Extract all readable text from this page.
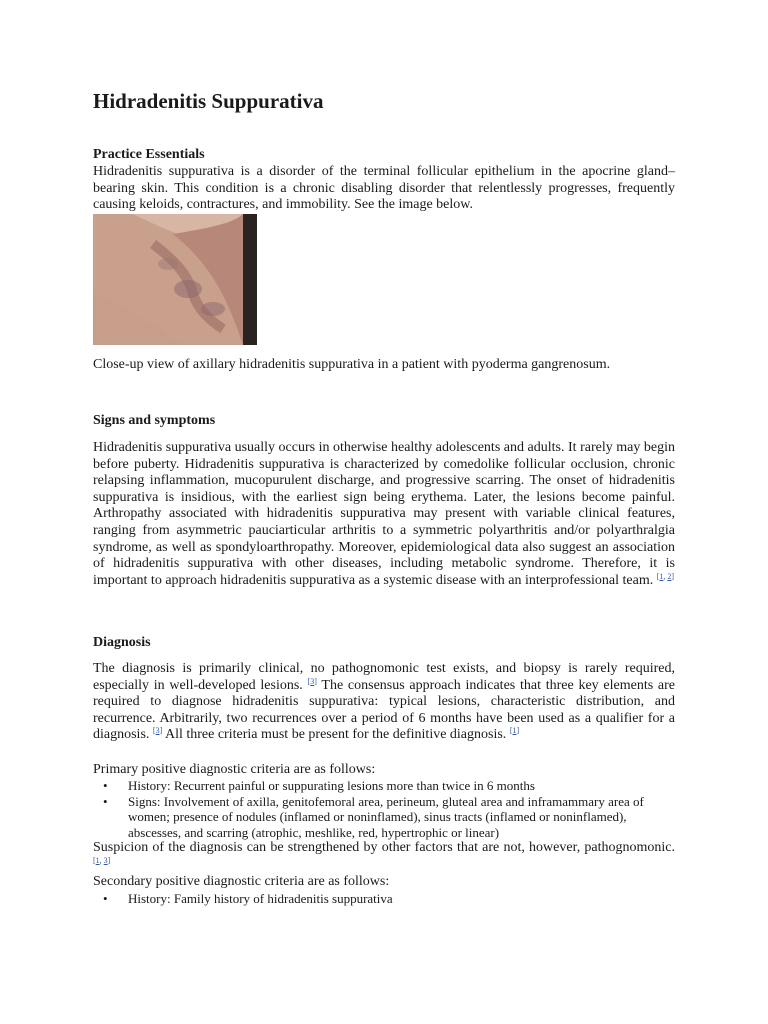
Hidradenitis Suppurativa
Practice Essentials

Hidradenitis suppurativa is a disorder of the terminal follicular epithelium in the apocrine gland–bearing skin. This condition is a chronic disabling disorder that relentlessly progresses, frequently causing keloids, contractures, and immobility. See the image below.

Close-up view of axillary hidradenitis suppurativa in a patient with pyoderma gangrenosum.

Signs and symptoms

Hidradenitis suppurativa usually occurs in otherwise healthy adolescents and adults. It rarely may begin before puberty. Hidradenitis suppurativa is characterized by comedolike follicular occlusion, chronic relapsing inflammation, mucopurulent discharge, and progressive scarring. The onset of hidradenitis suppurativa is insidious, with the earliest sign being erythema. Later, the lesions become painful. Arthropathy associated with hidradenitis suppurativa may present with variable clinical features, ranging from asymmetric pauciarticular arthritis to a symmetric polyarthritis and/or polyarthralgia syndrome, as well as spondyloarthropathy. Moreover, epidemiological data also suggest an association of hidradenitis suppurativa with other diseases, including metabolic syndrome. Therefore, it is important to approach hidradenitis suppurativa as a systemic disease with an interprofessional team. [1, 2]

Diagnosis

The diagnosis is primarily clinical, no pathognomonic test exists, and biopsy is rarely required, especially in well-developed lesions. [3] The consensus approach indicates that three key elements are required to diagnose hidradenitis suppurativa: typical lesions, characteristic distribution, and recurrence. Arbitrarily, two recurrences over a period of 6 months have been used as a qualifier for a diagnosis. [3] All three criteria must be present for the definitive diagnosis. [1]

Primary positive diagnostic criteria are as follows:

• History: Recurrent painful or suppurating lesions more than twice in 6 months
• Signs: Involvement of axilla, genitofemoral area, perineum, gluteal area and inframammary area of women; presence of nodules (inflamed or noninflamed), sinus tracts (inflamed or noninflamed), abscesses, and scarring (atrophic, meshlike, red, hypertrophic or linear)

Suspicion of the diagnosis can be strengthened by other factors that are not, however, pathognomonic. [1, 3]

Secondary positive diagnostic criteria are as follows:

• History: Family history of hidradenitis suppurativa
